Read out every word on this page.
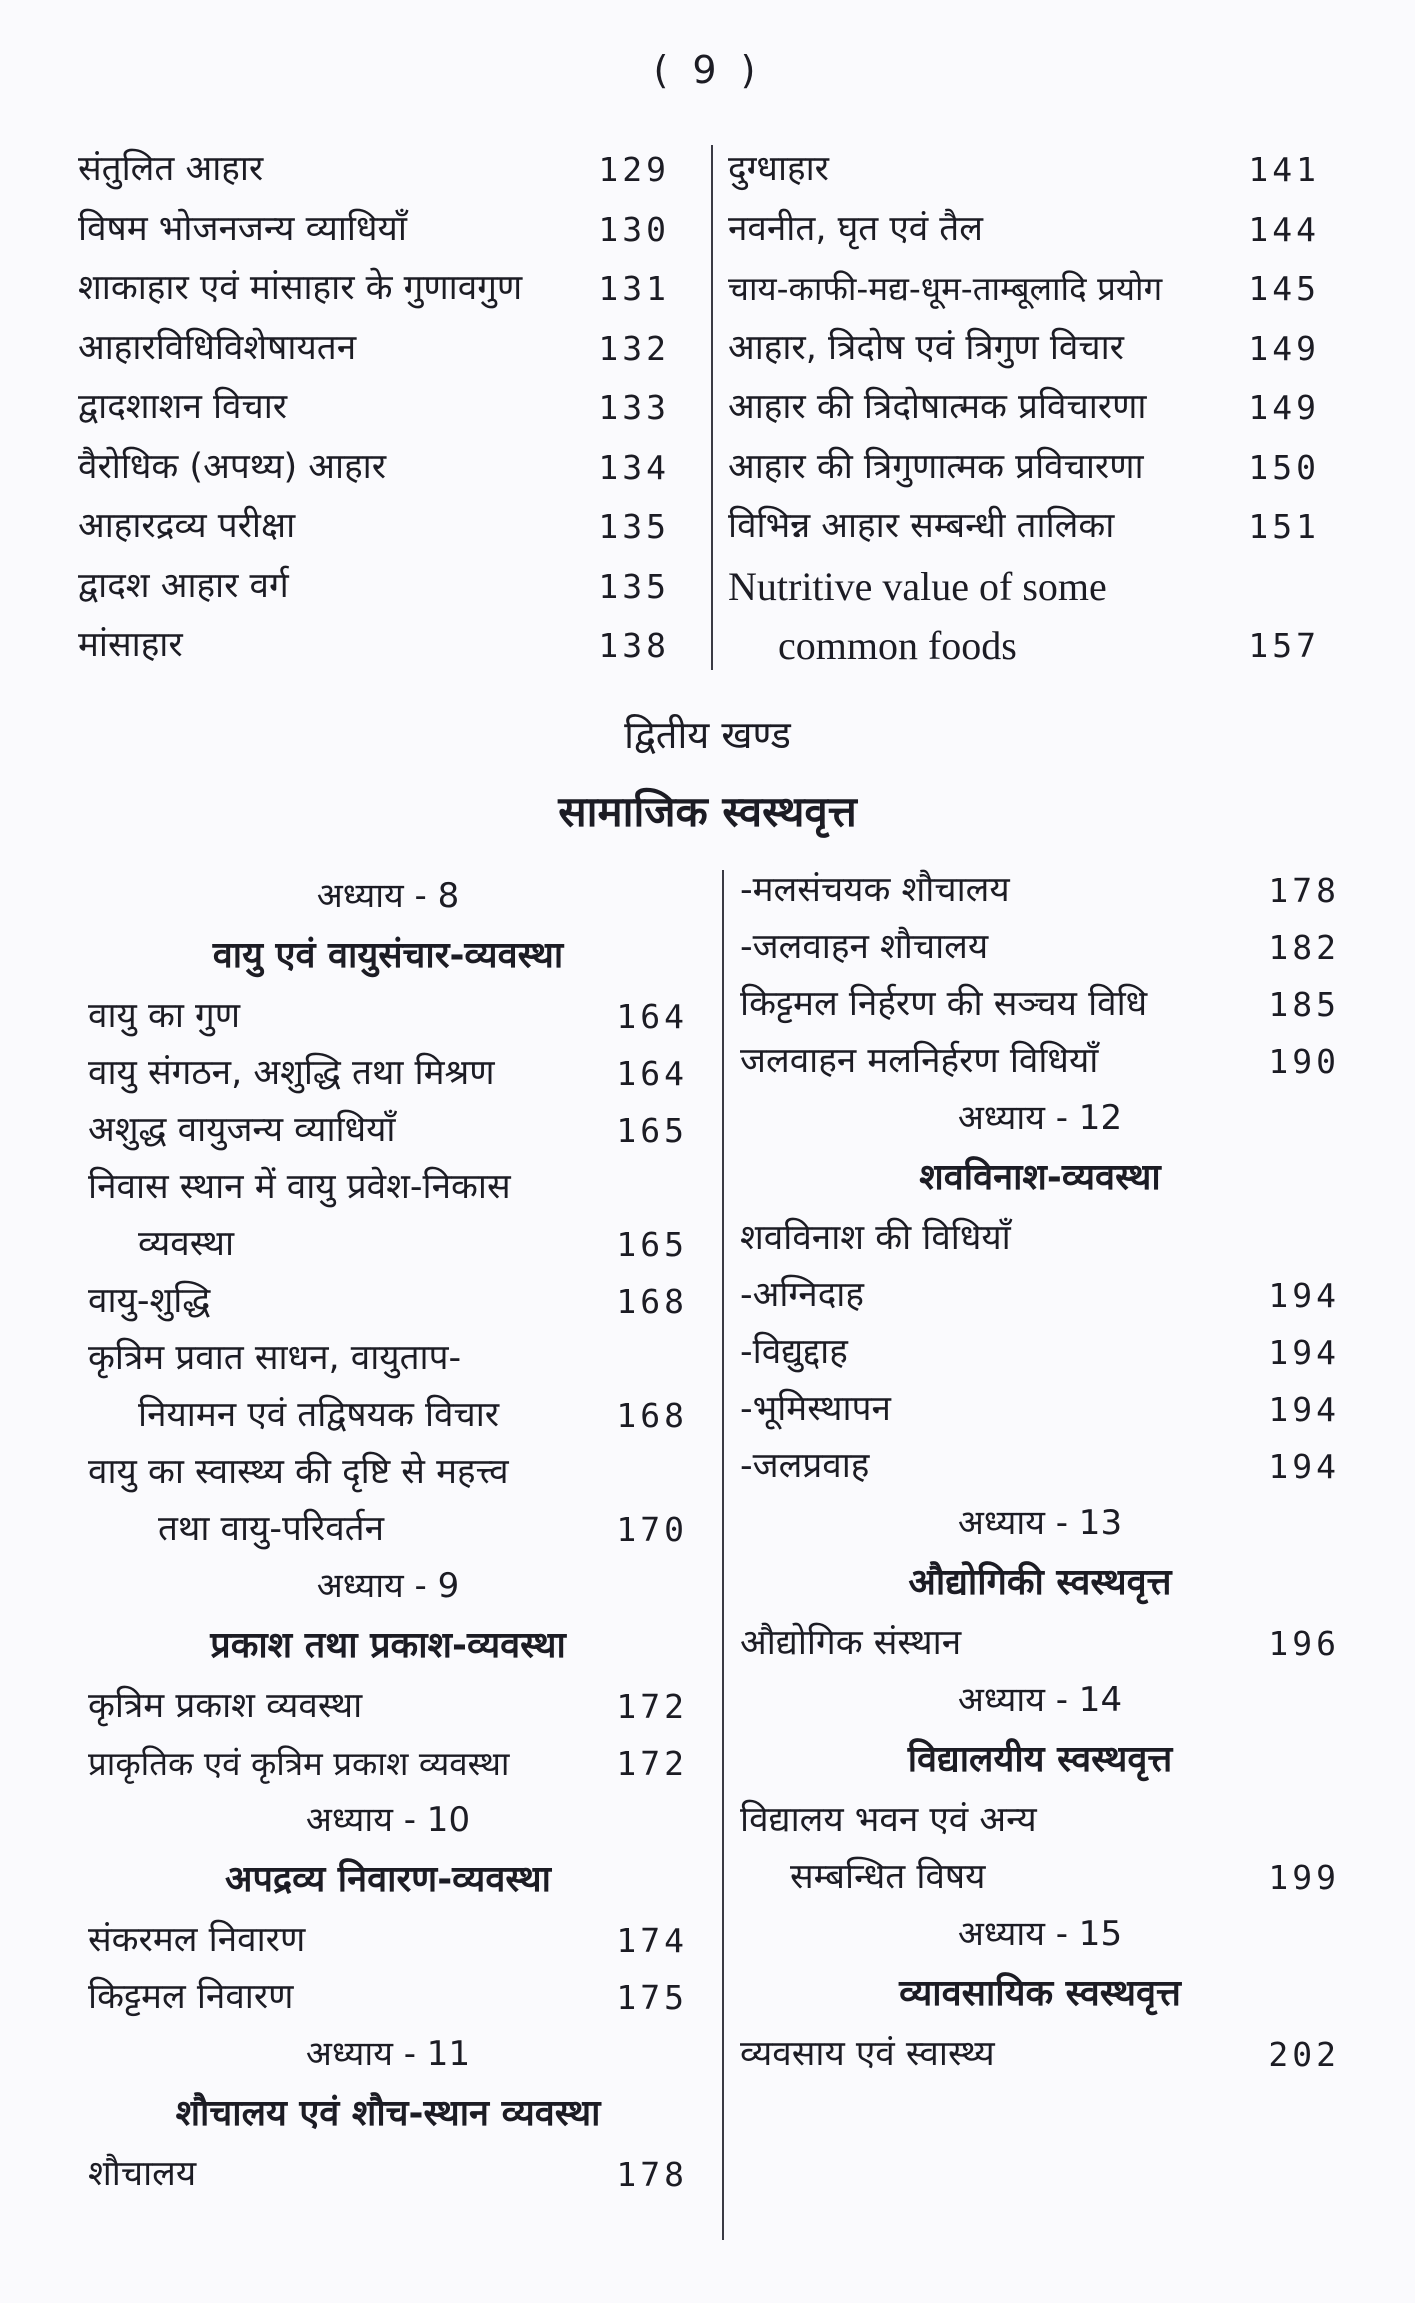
( 9 )
संतुलित आहार	129
विषम भोजनजन्य व्याधियाँ	130
शाकाहार एवं मांसाहार के गुणावगुण 131
आहारविधिविशेषायतन	132
द्वादशाशन विचार	133
वैरोधिक (अपथ्य) आहार	134
आहारद्रव्य परीक्षा	135
द्वादश आहार वर्ग	135
मांसाहार	138
दुग्धाहार	141
नवनीत, घृत एवं तैल	144
चाय-काफी-मद्य-धूम-ताम्बूलादि प्रयोग	145
आहार, त्रिदोष एवं त्रिगुण विचार	149
आहार की त्रिदोषात्मक प्रविचारणा	149
आहार की त्रिगुणात्मक प्रविचारणा	150
विभिन्न आहार सम्बन्धी तालिका	151
Nutritive value of some
common foods	157
द्वितीय खण्ड
सामाजिक स्वस्थवृत्त
अध्याय - 8
वायु एवं वायुसंचार-व्यवस्था
वायु का गुण	164
वायु संगठन, अशुद्धि तथा मिश्रण	164
अशुद्ध वायुजन्य व्याधियाँ	165
निवास स्थान में वायु प्रवेश-निकास
व्यवस्था	165
वायु-शुद्धि	168
कृत्रिम प्रवात साधन, वायुताप-
नियामन एवं तद्विषयक विचार	168
वायु का स्वास्थ्य की दृष्टि से महत्त्व
तथा वायु-परिवर्तन	170
अध्याय - 9
प्रकाश तथा प्रकाश-व्यवस्था
कृत्रिम प्रकाश व्यवस्था	172
प्राकृतिक एवं कृत्रिम प्रकाश व्यवस्था	172
अध्याय - 10
अपद्रव्य निवारण-व्यवस्था
संकरमल निवारण	174
किट्टमल निवारण	175
अध्याय - 11
शौचालय एवं शौच-स्थान व्यवस्था
शौचालय	178
-मलसंचयक शौचालय	178
-जलवाहन शौचालय	182
किट्टमल निर्हरण की सञ्चय विधि	185
जलवाहन मलनिर्हरण विधियाँ	190
अध्याय - 12
शवविनाश-व्यवस्था
शवविनाश की विधियाँ
-अग्निदाह	194
-विद्युद्दाह	194
-भूमिस्थापन	194
-जलप्रवाह	194
अध्याय - 13
औद्योगिकी स्वस्थवृत्त
औद्योगिक संस्थान	196
अध्याय - 14
विद्यालयीय स्वस्थवृत्त
विद्यालय भवन एवं अन्य
सम्बन्धित विषय	199
अध्याय - 15
व्यावसायिक स्वस्थवृत्त
व्यवसाय एवं स्वास्थ्य	202
